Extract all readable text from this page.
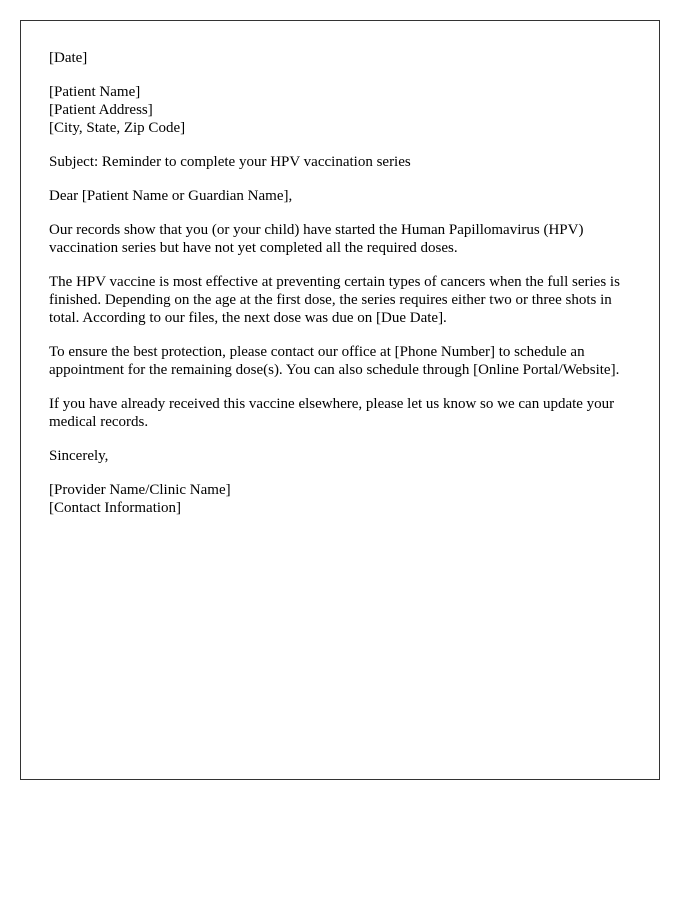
[Date]

[Patient Name]
[Patient Address]
[City, State, Zip Code]

Subject: Reminder to complete your HPV vaccination series

Dear [Patient Name or Guardian Name],

Our records show that you (or your child) have started the Human Papillomavirus (HPV) vaccination series but have not yet completed all the required doses.

The HPV vaccine is most effective at preventing certain types of cancers when the full series is finished. Depending on the age at the first dose, the series requires either two or three shots in total. According to our files, the next dose was due on [Due Date].

To ensure the best protection, please contact our office at [Phone Number] to schedule an appointment for the remaining dose(s). You can also schedule through [Online Portal/Website].

If you have already received this vaccine elsewhere, please let us know so we can update your medical records.

Sincerely,

[Provider Name/Clinic Name]
[Contact Information]
